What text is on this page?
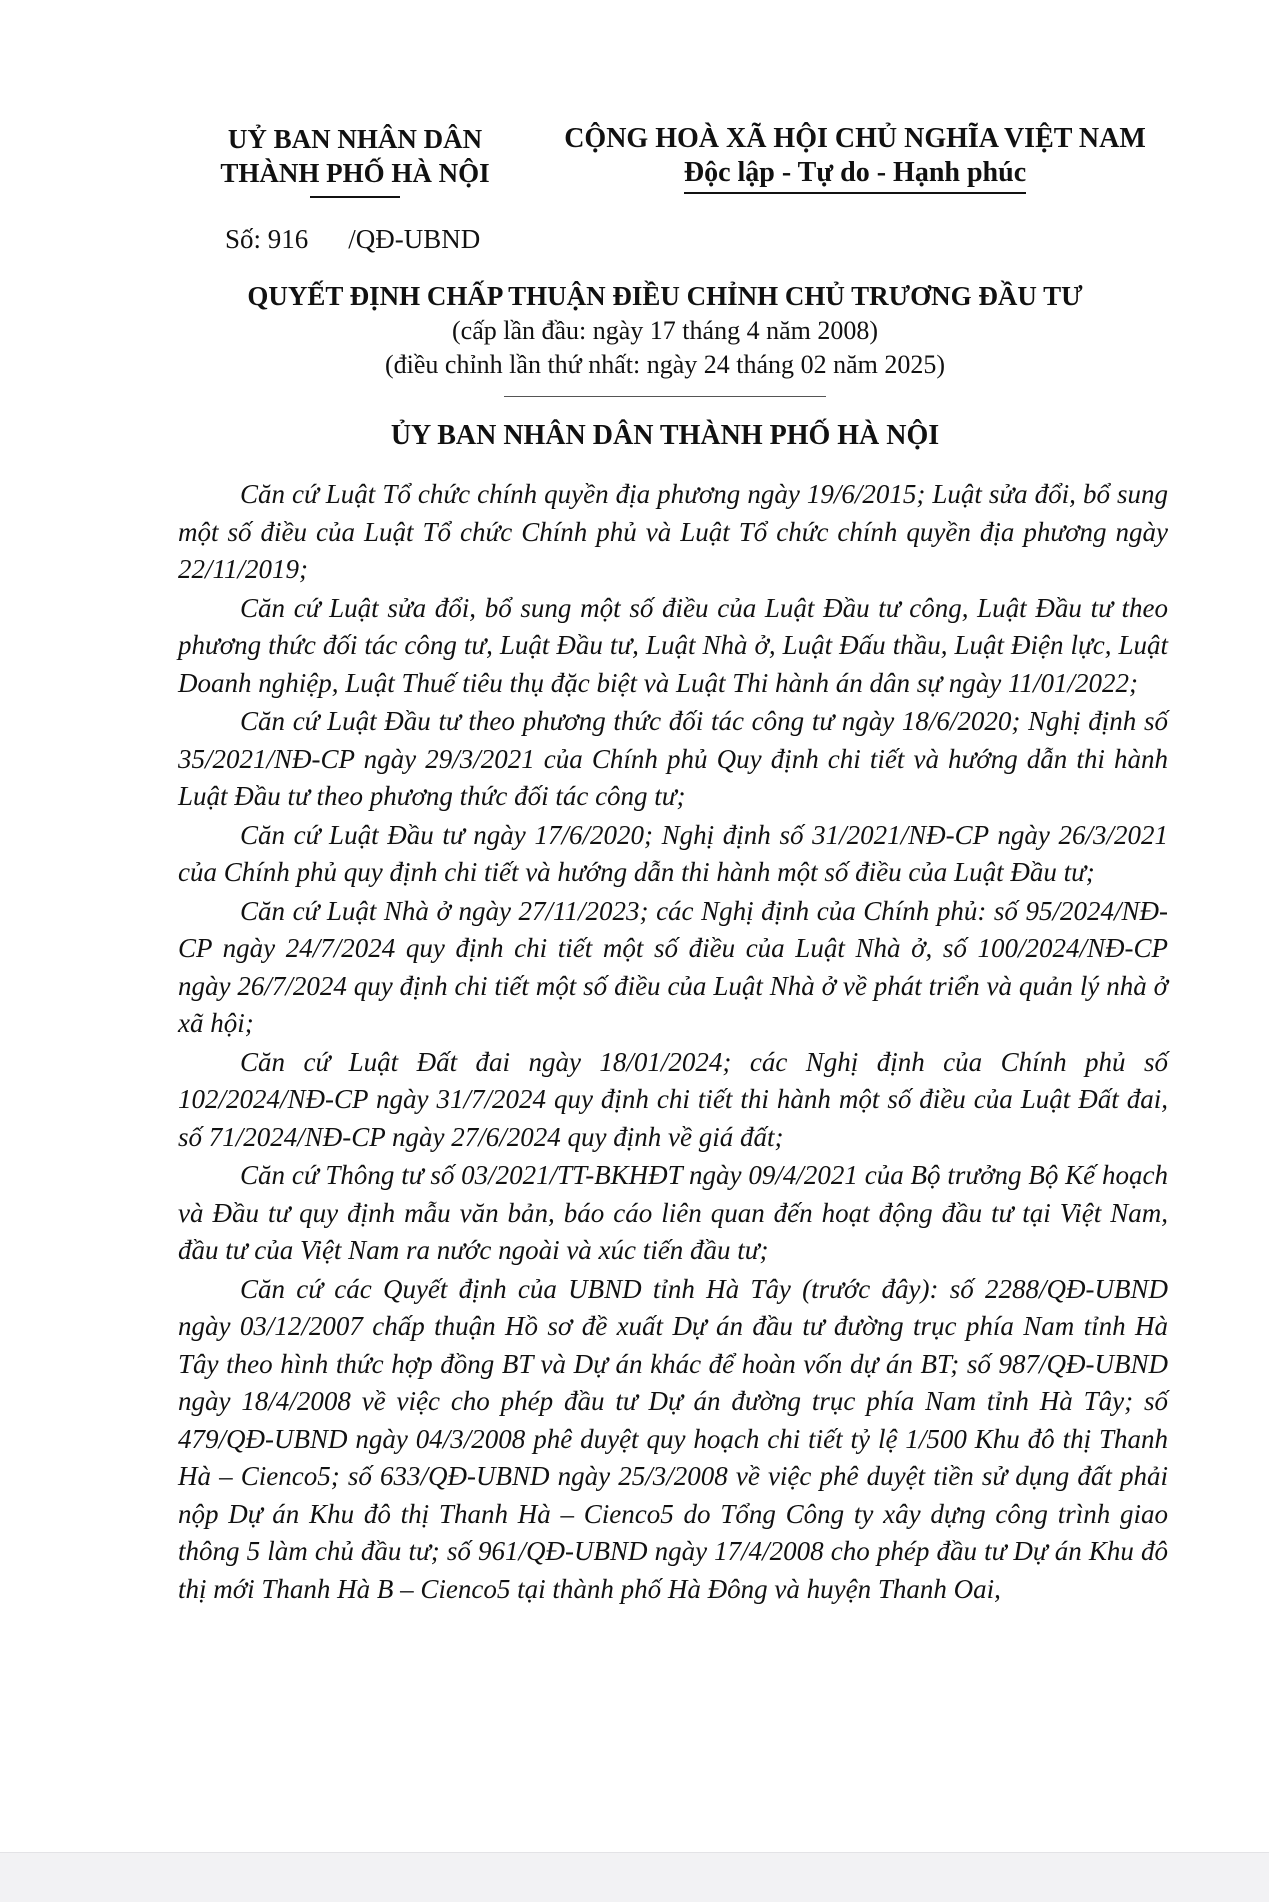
UỶ BAN NHÂN DÂN
THÀNH PHỐ HÀ NỘI
CỘNG HOÀ XÃ HỘI CHỦ NGHĨA VIỆT NAM
Độc lập - Tự do - Hạnh phúc
Số: 916 /QĐ-UBND
QUYẾT ĐỊNH CHẤP THUẬN ĐIỀU CHỈNH CHỦ TRƯƠNG ĐẦU TƯ
(cấp lần đầu: ngày 17 tháng 4 năm 2008)
(điều chỉnh lần thứ nhất: ngày 24 tháng 02 năm 2025)
ỦY BAN NHÂN DÂN THÀNH PHỐ HÀ NỘI

Căn cứ Luật Tổ chức chính quyền địa phương ngày 19/6/2015; Luật sửa đổi, bổ sung một số điều của Luật Tổ chức Chính phủ và Luật Tổ chức chính quyền địa phương ngày 22/11/2019;

Căn cứ Luật sửa đổi, bổ sung một số điều của Luật Đầu tư công, Luật Đầu tư theo phương thức đối tác công tư, Luật Đầu tư, Luật Nhà ở, Luật Đấu thầu, Luật Điện lực, Luật Doanh nghiệp, Luật Thuế tiêu thụ đặc biệt và Luật Thi hành án dân sự ngày 11/01/2022;

Căn cứ Luật Đầu tư theo phương thức đối tác công tư ngày 18/6/2020; Nghị định số 35/2021/NĐ-CP ngày 29/3/2021 của Chính phủ Quy định chi tiết và hướng dẫn thi hành Luật Đầu tư theo phương thức đối tác công tư;

Căn cứ Luật Đầu tư ngày 17/6/2020; Nghị định số 31/2021/NĐ-CP ngày 26/3/2021 của Chính phủ quy định chi tiết và hướng dẫn thi hành một số điều của Luật Đầu tư;

Căn cứ Luật Nhà ở ngày 27/11/2023; các Nghị định của Chính phủ: số 95/2024/NĐ-CP ngày 24/7/2024 quy định chi tiết một số điều của Luật Nhà ở, số 100/2024/NĐ-CP ngày 26/7/2024 quy định chi tiết một số điều của Luật Nhà ở về phát triển và quản lý nhà ở xã hội;

Căn cứ Luật Đất đai ngày 18/01/2024; các Nghị định của Chính phủ số 102/2024/NĐ-CP ngày 31/7/2024 quy định chi tiết thi hành một số điều của Luật Đất đai, số 71/2024/NĐ-CP ngày 27/6/2024 quy định về giá đất;

Căn cứ Thông tư số 03/2021/TT-BKHĐT ngày 09/4/2021 của Bộ trưởng Bộ Kế hoạch và Đầu tư quy định mẫu văn bản, báo cáo liên quan đến hoạt động đầu tư tại Việt Nam, đầu tư của Việt Nam ra nước ngoài và xúc tiến đầu tư;

Căn cứ các Quyết định của UBND tỉnh Hà Tây (trước đây): số 2288/QĐ-UBND ngày 03/12/2007 chấp thuận Hồ sơ đề xuất Dự án đầu tư đường trục phía Nam tỉnh Hà Tây theo hình thức hợp đồng BT và Dự án khác để hoàn vốn dự án BT; số 987/QĐ-UBND ngày 18/4/2008 về việc cho phép đầu tư Dự án đường trục phía Nam tỉnh Hà Tây; số 479/QĐ-UBND ngày 04/3/2008 phê duyệt quy hoạch chi tiết tỷ lệ 1/500 Khu đô thị Thanh Hà – Cienco5; số 633/QĐ-UBND ngày 25/3/2008 về việc phê duyệt tiền sử dụng đất phải nộp Dự án Khu đô thị Thanh Hà – Cienco5 do Tổng Công ty xây dựng công trình giao thông 5 làm chủ đầu tư; số 961/QĐ-UBND ngày 17/4/2008 cho phép đầu tư Dự án Khu đô thị mới Thanh Hà B – Cienco5 tại thành phố Hà Đông và huyện Thanh Oai,
